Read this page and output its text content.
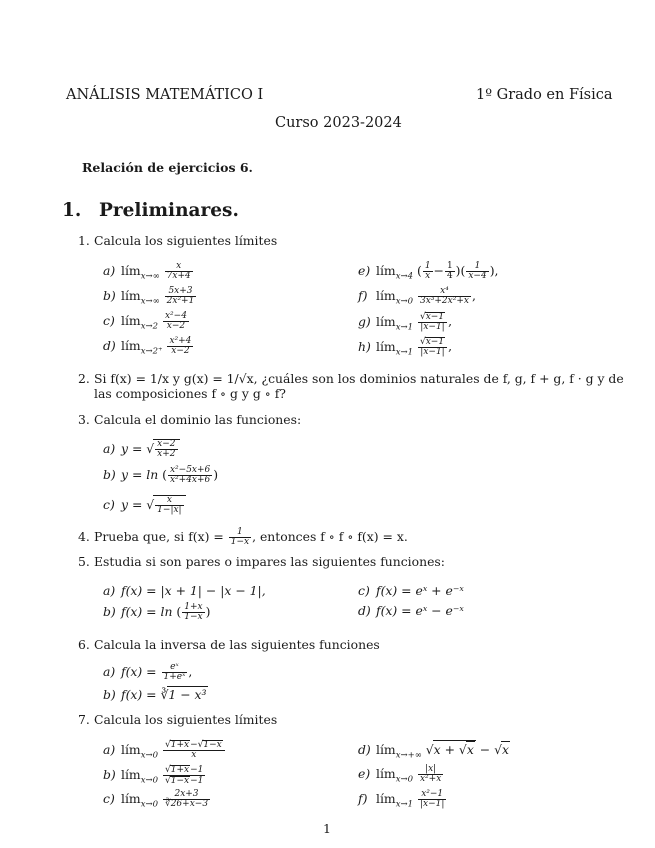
ANÁLISIS MATEMÁTICO I	1º Grado en Física
Curso 2023-2024
Relación de ejercicios 6.
1. Preliminares.
1. Calcula los siguientes límites
a) lím$_{x\to\infty}$ $\frac{x}{7x+4}$
b) lím$_{x\to\infty}$ $\frac{5x+3}{\text{2x²+1}}$
c) lím$_{x\to 2}$ $\frac{\text{x²−4}}{x-2}$
d) lím$_{x\to 2^+}$ $\frac{\text{x²+4}}{x-2}$
e) lím$_{x\to 4}$ ( $\frac{1}{x} - \frac{1}{4}$ )( $\frac{1}{x-4}$ ),
f) lím$_{x\to 0}$ $\frac{\text{x⁴}}{\text{3x³+2x²+x}}$ ,
g) lím$_{x\to 1}$ $\frac{√x-1}{|x-1|}$ ,
h) lím$_{x\to 1}$ $\frac{√x-1}{|x-1|}$ ,
2. Si f(x) = 1/x y g(x) = 1/√x, ¿cuáles son los dominios naturales de f, g, f + g, f · g y de
las composiciones f ∘ g y g ∘ f?
3. Calcula el dominio las funciones:
a) y = √ $\frac{x-2}{x+2}$
b) y = ln ( $\frac{\text{x²−5x+6}}{\text{x²+4x+6}}$ )
c) y = √ $\frac{x}{1-|x|}$
4. Prueba que, si $f(x) = \frac{1}{1-x}$ , entonces f ∘ f ∘ f(x) = x.
5. Estudia si son pares o impares las siguientes funciones:
a) f(x) = |x + 1| − |x − 1|,
b) f(x) = ln ( $\frac{1+x}{1-x}$ )
c) f(x) = eˣ + e⁻ˣ
d) f(x) = eˣ − e⁻ˣ
6. Calcula la inversa de las siguientes funciones
a) $f(x) = \frac{\text{eˣ}}{\text{1+eˣ}}$ ,
b) f(x) = ∛1 − x³
7. Calcula los siguientes límites
a) lím$_{x\to 0}$ $\frac{√1+x-√1-x}{x}$
b) lím$_{x\to 0}$ $\frac{√1+x-1}{√1-x-1}$
c) lím$_{x\to 0}$ $\frac{2x+3}{∛26+x-3}$
d) lím$_{x\to+\infty}$ √x + √x − √x
e) lím$_{x\to 0}$ $\frac{|x|}{\text{x²+x}}$
f) lím$_{x\to 1}$ $\frac{\text{x²−1}}{|x-1|}$
1
